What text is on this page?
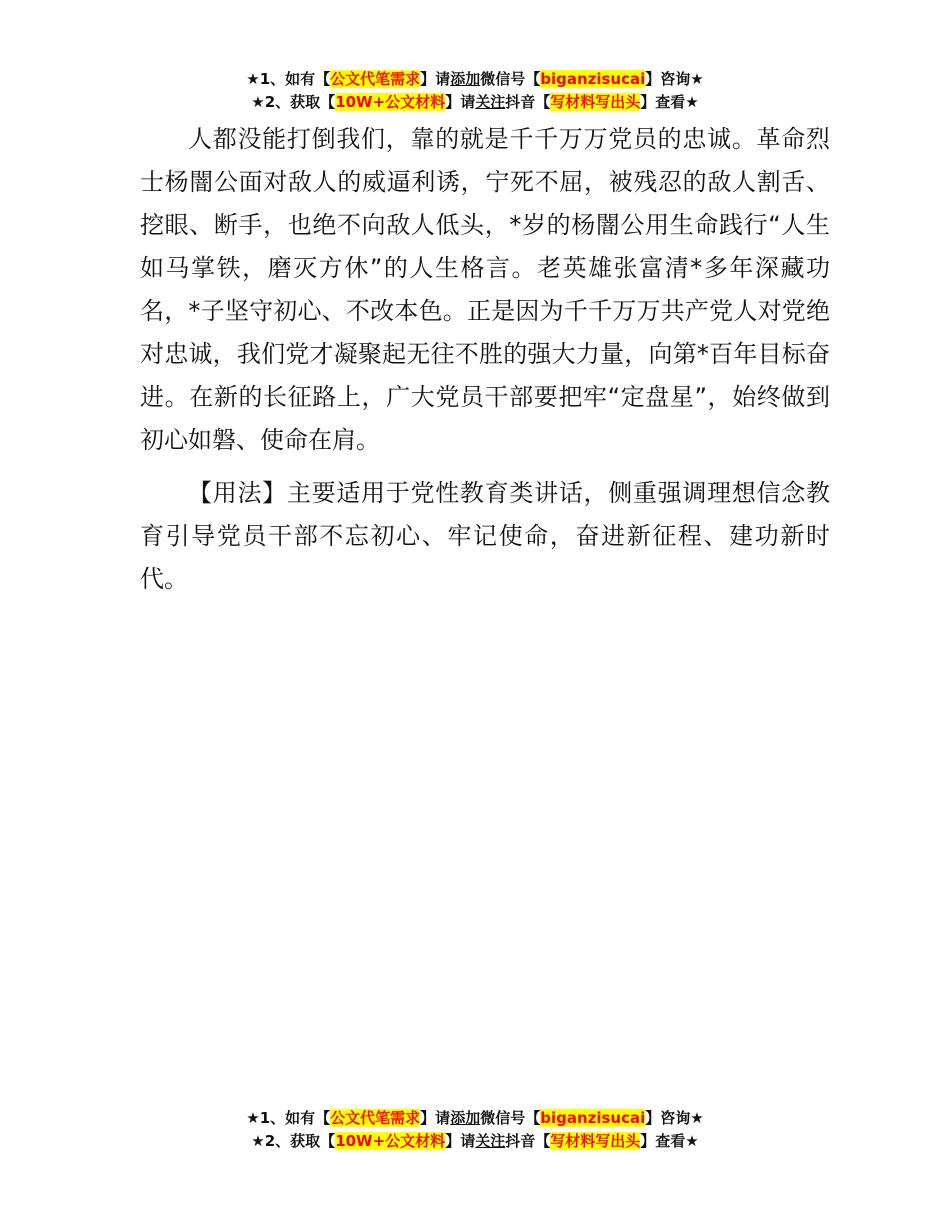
★1、如有【公文代笔需求】请添加微信号【biganzisucai】咨询★
★2、获取【10W+公文材料】请关注抖音【写材料写出头】查看★

人都没能打倒我们，靠的就是千千万万党员的忠诚。革命烈士杨闇公面对敌人的威逼利诱，宁死不屈，被残忍的敌人割舌、挖眼、断手，也绝不向敌人低头，*岁的杨闇公用生命践行“人生如马掌铁，磨灭方休”的人生格言。老英雄张富清*多年深藏功名，*子坚守初心、不改本色。正是因为千千万万共产党人对党绝对忠诚，我们党才凝聚起无往不胜的强大力量，向第*百年目标奋进。在新的长征路上，广大党员干部要把牢“定盘星”，始终做到初心如磐、使命在肩。

【用法】主要适用于党性教育类讲话，侧重强调理想信念教育引导党员干部不忘初心、牢记使命，奋进新征程、建功新时代。

★1、如有【公文代笔需求】请添加微信号【biganzisucai】咨询★
★2、获取【10W+公文材料】请关注抖音【写材料写出头】查看★
